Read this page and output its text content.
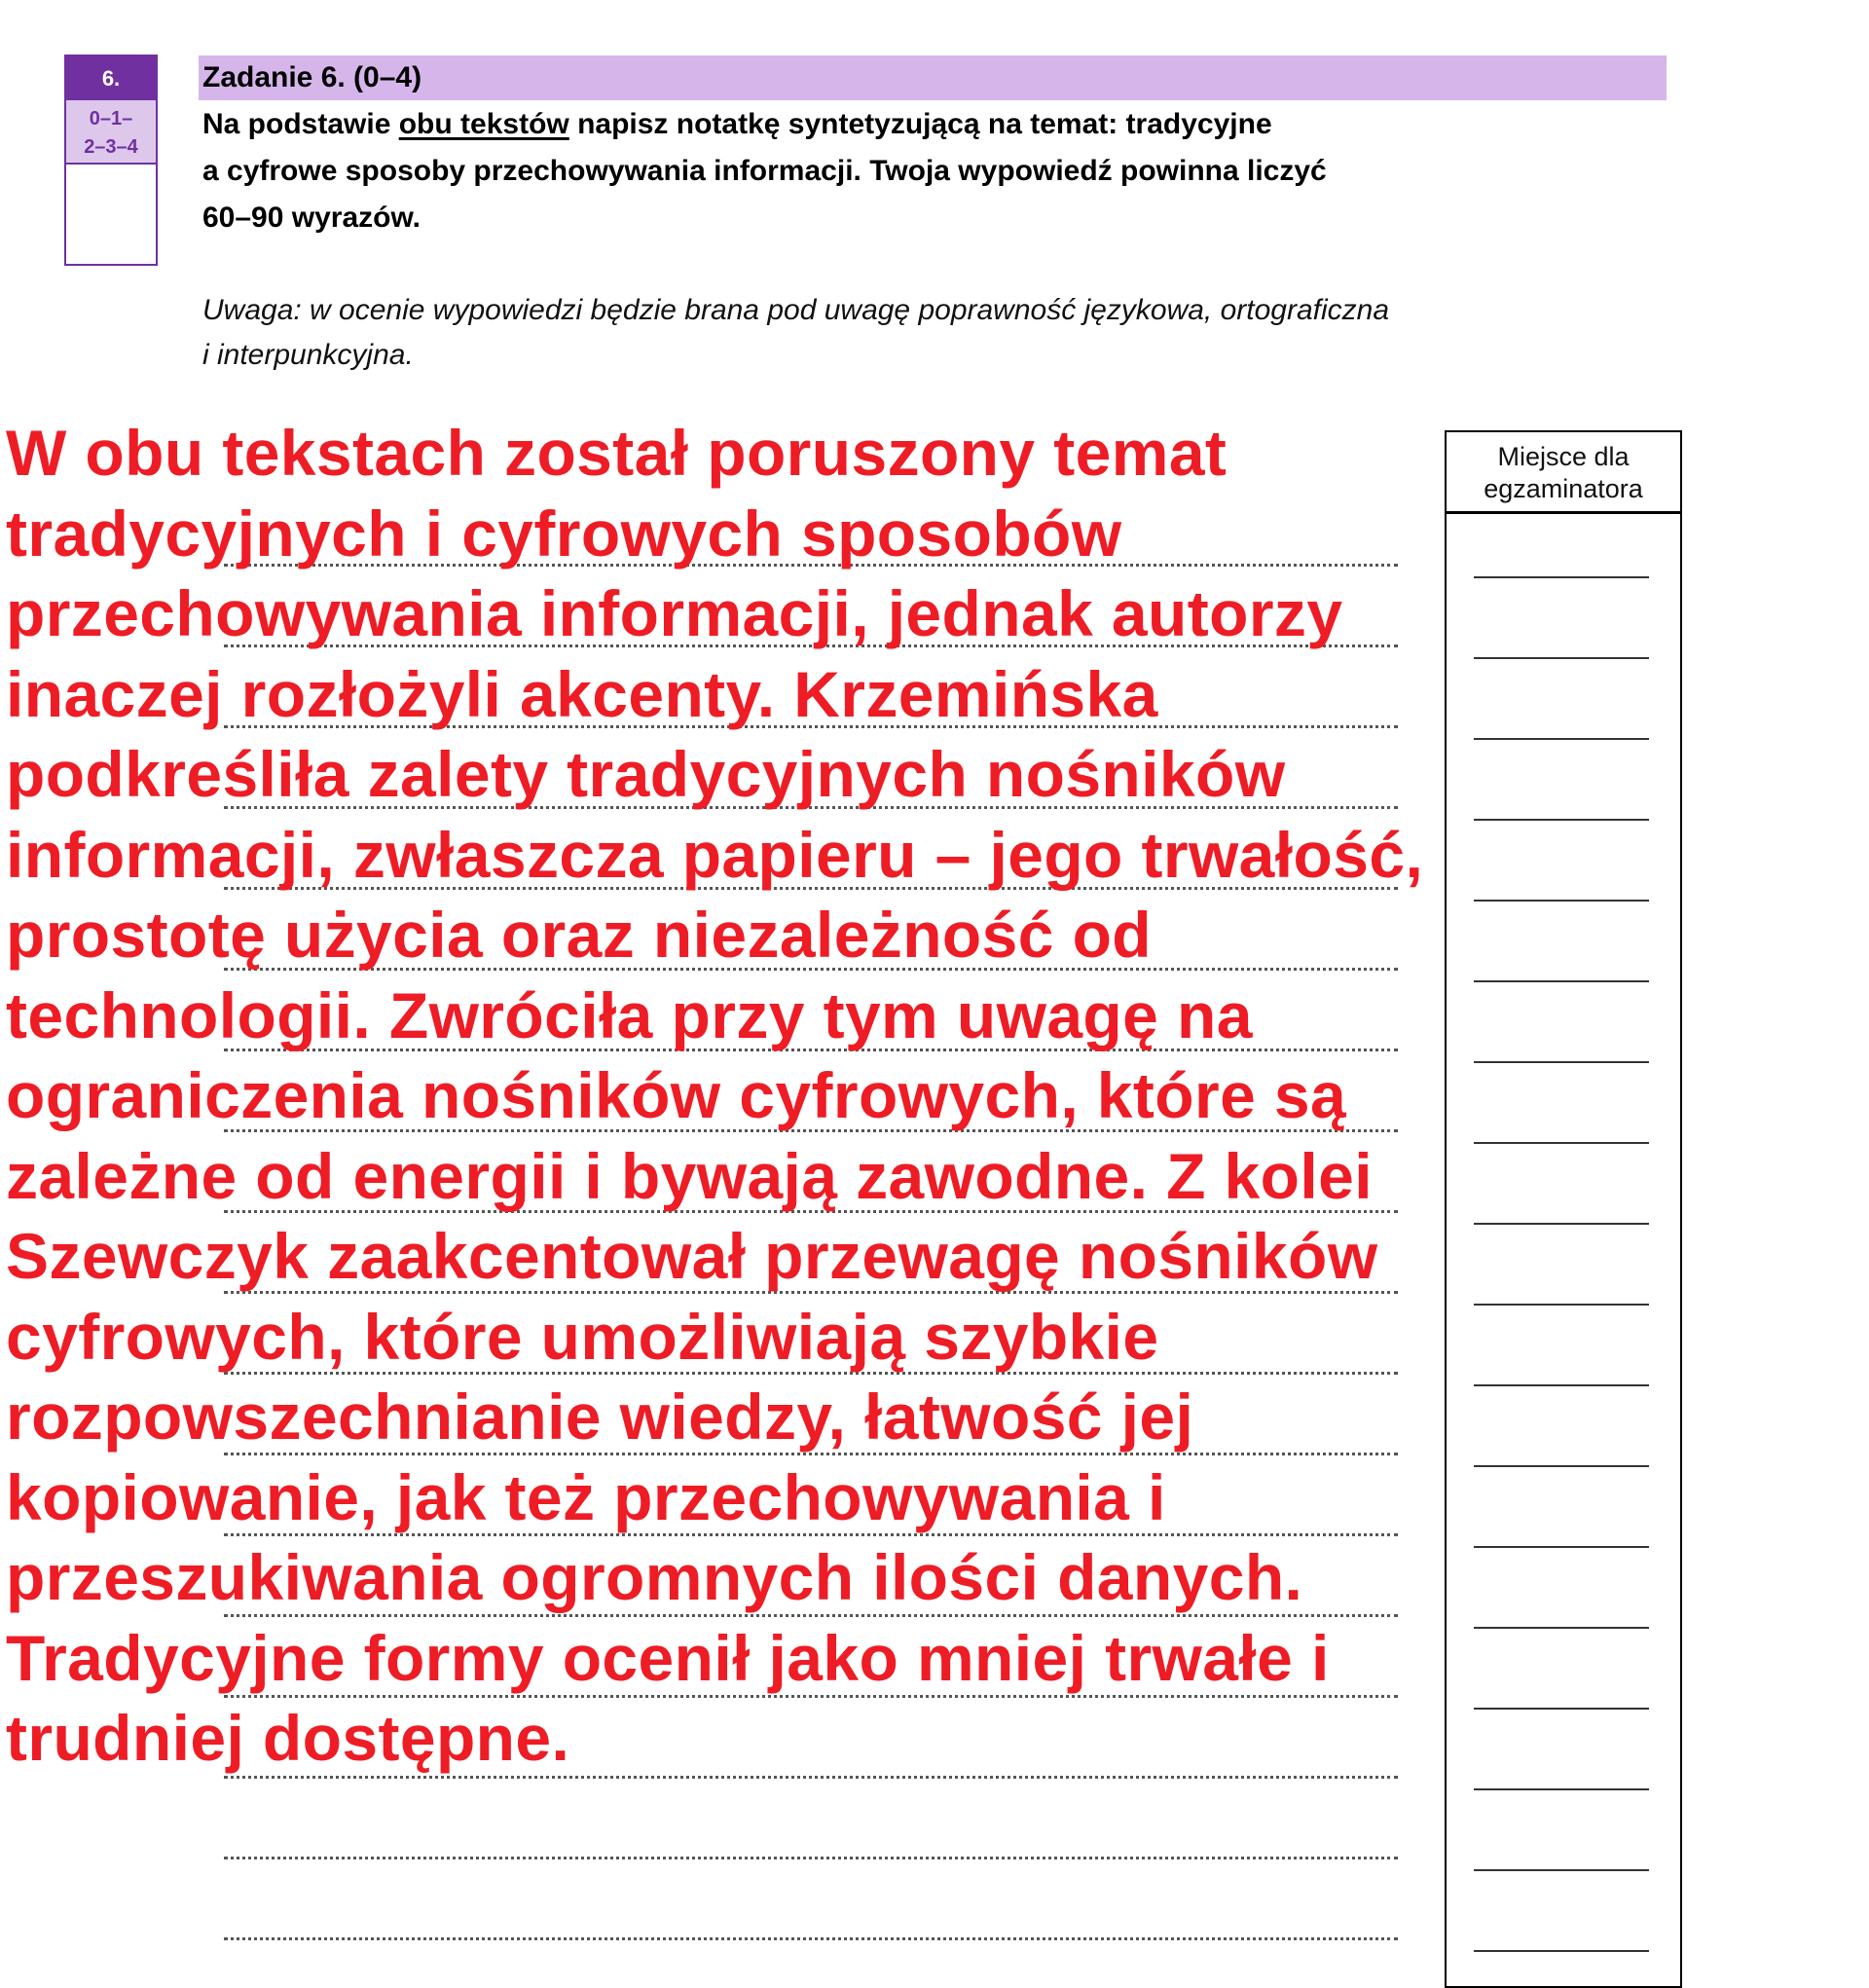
6.
0–1–
2–3–4
Zadanie 6. (0–4)
Na podstawie obu tekstów napisz notatkę syntetyzującą na temat: tradycyjne
a cyfrowe sposoby przechowywania informacji. Twoja wypowiedź powinna liczyć
60–90 wyrazów.
Uwaga: w ocenie wypowiedzi będzie brana pod uwagę poprawność językowa, ortograficzna
i interpunkcyjna.
Miejsce dla
egzaminatora
W obu tekstach został poruszony temat
tradycyjnych i cyfrowych sposobów
przechowywania informacji, jednak autorzy
inaczej rozłożyli akcenty. Krzemińska
podkreśliła zalety tradycyjnych nośników
informacji, zwłaszcza papieru – jego trwałość,
prostotę użycia oraz niezależność od
technologii. Zwróciła przy tym uwagę na
ograniczenia nośników cyfrowych, które są
zależne od energii i bywają zawodne. Z kolei
Szewczyk zaakcentował przewagę nośników
cyfrowych, które umożliwiają szybkie
rozpowszechnianie wiedzy, łatwość jej
kopiowanie, jak też przechowywania i
przeszukiwania ogromnych ilości danych.
Tradycyjne formy ocenił jako mniej trwałe i
trudniej dostępne.
